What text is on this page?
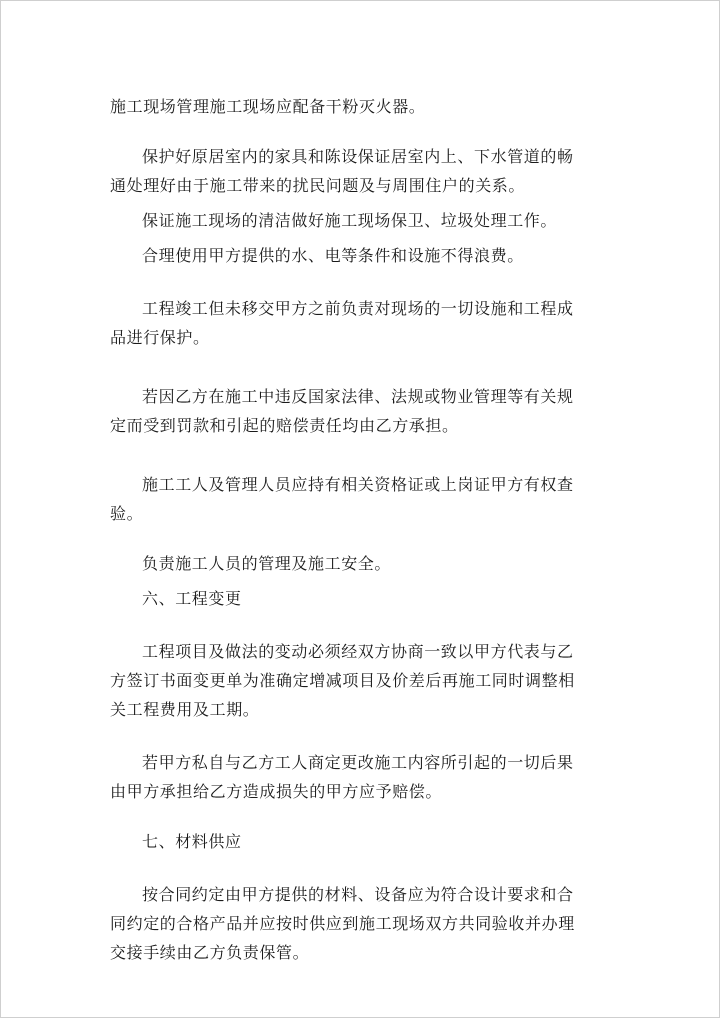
施工现场管理施工现场应配备干粉灭火器。

保护好原居室内的家具和陈设保证居室内上、下水管道的畅通处理好由于施工带来的扰民问题及与周围住户的关系。

保证施工现场的清洁做好施工现场保卫、垃圾处理工作。

合理使用甲方提供的水、电等条件和设施不得浪费。

工程竣工但未移交甲方之前负责对现场的一切设施和工程成品进行保护。

若因乙方在施工中违反国家法律、法规或物业管理等有关规定而受到罚款和引起的赔偿责任均由乙方承担。

施工工人及管理人员应持有相关资格证或上岗证甲方有权查验。

负责施工人员的管理及施工安全。

六、工程变更

工程项目及做法的变动必须经双方协商一致以甲方代表与乙方签订书面变更单为准确定增减项目及价差后再施工同时调整相关工程费用及工期。

若甲方私自与乙方工人商定更改施工内容所引起的一切后果由甲方承担给乙方造成损失的甲方应予赔偿。

七、材料供应

按合同约定由甲方提供的材料、设备应为符合设计要求和合同约定的合格产品并应按时供应到施工现场双方共同验收并办理交接手续由乙方负责保管。
